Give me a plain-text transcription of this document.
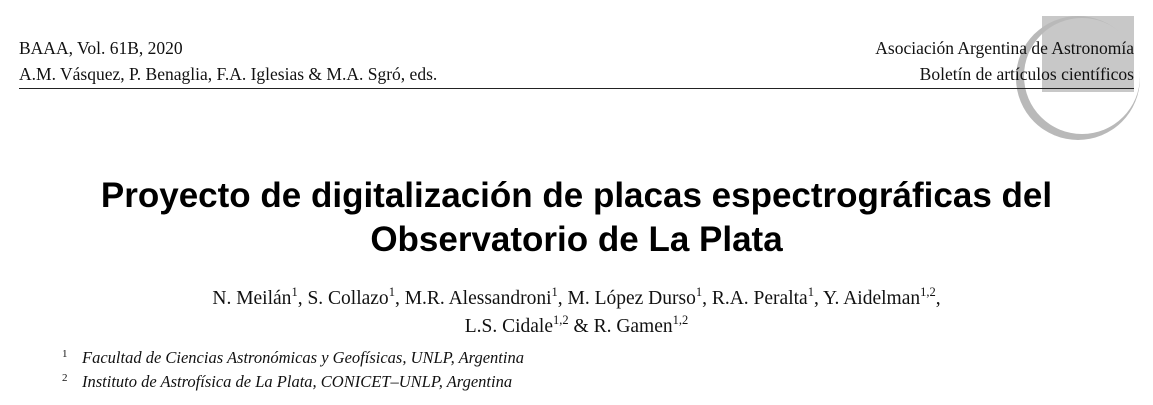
BAAA, Vol. 61B, 2020
A.M. Vásquez, P. Benaglia, F.A. Iglesias & M.A. Sgró, eds.
Asociación Argentina de Astronomía
Boletín de artículos científicos
Proyecto de digitalización de placas espectrográficas del
Observatorio de La Plata
N. Meilán$^1$, S. Collazo$^1$, M.R. Alessandroni$^1$, M. López Durso$^1$, R.A. Peralta$^1$, Y. Aidelman$^{1,2}$,
L.S. Cidale$^{1,2}$ & R. Gamen$^{1,2}$
$^1$ Facultad de Ciencias Astronómicas y Geofísicas, UNLP, Argentina
$^2$ Instituto de Astrofísica de La Plata, CONICET–UNLP, Argentina
